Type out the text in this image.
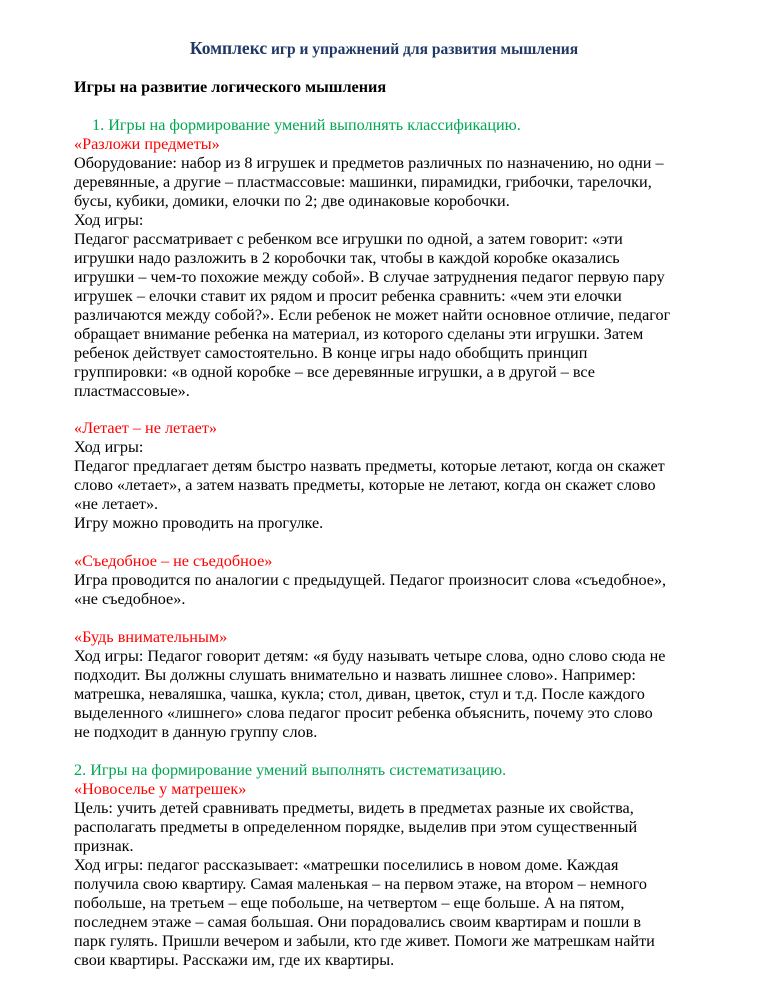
Комплекс игр и упражнений для развития мышления
Игры на развитие логического мышления
1. Игры на формирование умений выполнять классификацию.
«Разложи предметы»
Оборудование: набор из 8 игрушек и предметов различных по назначению, но одни –
деревянные, а другие – пластмассовые: машинки, пирамидки, грибочки, тарелочки,
бусы, кубики, домики, елочки по 2; две одинаковые коробочки.
Ход игры:
Педагог рассматривает с ребенком все игрушки по одной, а затем говорит: «эти
игрушки надо разложить в 2 коробочки так, чтобы в каждой коробке оказались
игрушки – чем-то похожие между собой». В случае затруднения педагог первую пару
игрушек – елочки ставит их рядом и просит ребенка сравнить: «чем эти елочки
различаются между собой?». Если ребенок не может найти основное отличие, педагог
обращает внимание ребенка на материал, из которого сделаны эти игрушки. Затем
ребенок действует самостоятельно. В конце игры надо обобщить принцип
группировки: «в одной коробке – все деревянные игрушки, а в другой – все
пластмассовые».
«Летает – не летает»
Ход игры:
Педагог предлагает детям быстро назвать предметы, которые летают, когда он скажет
слово «летает», а затем назвать предметы, которые не летают, когда он скажет слово
«не летает».
Игру можно проводить на прогулке.
«Съедобное – не съедобное»
Игра проводится по аналогии с предыдущей. Педагог произносит слова «съедобное»,
«не съедобное».
«Будь внимательным»
Ход игры: Педагог говорит детям: «я буду называть четыре слова, одно слово сюда не
подходит. Вы должны слушать внимательно и назвать лишнее слово». Например:
матрешка, неваляшка, чашка, кукла; стол, диван, цветок, стул и т.д. После каждого
выделенного «лишнего» слова педагог просит ребенка объяснить, почему это слово
не подходит в данную группу слов.
2. Игры на формирование умений выполнять систематизацию.
«Новоселье у матрешек»
Цель: учить детей сравнивать предметы, видеть в предметах разные их свойства,
располагать предметы в определенном порядке, выделив при этом существенный
признак.
Ход игры: педагог рассказывает: «матрешки поселились в новом доме. Каждая
получила свою квартиру. Самая маленькая – на первом этаже, на втором – немного
побольше, на третьем – еще побольше, на четвертом – еще больше. А на пятом,
последнем этаже – самая большая. Они порадовались своим квартирам и пошли в
парк гулять. Пришли вечером и забыли, кто где живет. Помоги же матрешкам найти
свои квартиры. Расскажи им, где их квартиры.
